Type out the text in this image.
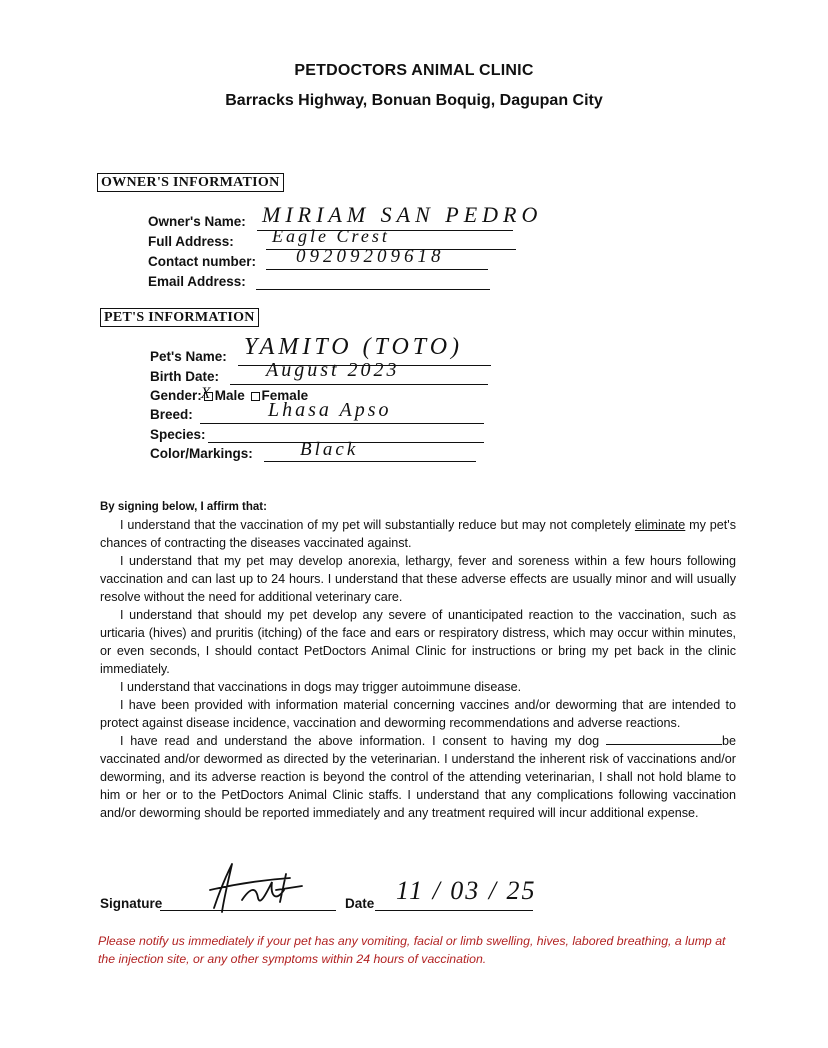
PETDOCTORS ANIMAL CLINIC
Barracks Highway, Bonuan Boquig, Dagupan City
OWNER'S INFORMATION
Owner's Name: MIRIAM SAN PEDRO
Full Address: Eagle Crest
Contact number: 09209209618
Email Address:
PET'S INFORMATION
Pet's Name: YAMITO (TOTO)
Birth Date: August 2023
Gender: X Male Female
Breed:	Lhasa Apso
Species:
Color/Markings: Black

By signing below, I affirm that:

I understand that the vaccination of my pet will substantially reduce but may not completely eliminate my pet's chances of contracting the diseases vaccinated against.

I understand that my pet may develop anorexia, lethargy, fever and soreness within a few hours following vaccination and can last up to 24 hours. I understand that these adverse effects are usually minor and will usually resolve without the need for additional veterinary care.

I understand that should my pet develop any severe of unanticipated reaction to the vaccination, such as urticaria (hives) and pruritis (itching) of the face and ears or respiratory distress, which may occur within minutes, or even seconds, I should contact PetDoctors Animal Clinic for instructions or bring my pet back in the clinic immediately.

I understand that vaccinations in dogs may trigger autoimmune disease.

I have been provided with information material concerning vaccines and/or deworming that are intended to protect against disease incidence, vaccination and deworming recommendations and adverse reactions.

I have read and understand the above information. I consent to having my dog	be vaccinated and/or dewormed as directed by the veterinarian. I understand the inherent risk of vaccinations and/or deworming, and its adverse reaction is beyond the control of the attending veterinarian, I shall not hold blame to him or her or to the PetDoctors Animal Clinic staffs. I understand that any complications following vaccination and/or deworming should be reported immediately and any treatment required will incur additional expense.

Signature	Date 11 / 03 / 25
Please notify us immediately if your pet has any vomiting, facial or limb swelling, hives, labored breathing, a lump at the injection site, or any other symptoms within 24 hours of vaccination.
